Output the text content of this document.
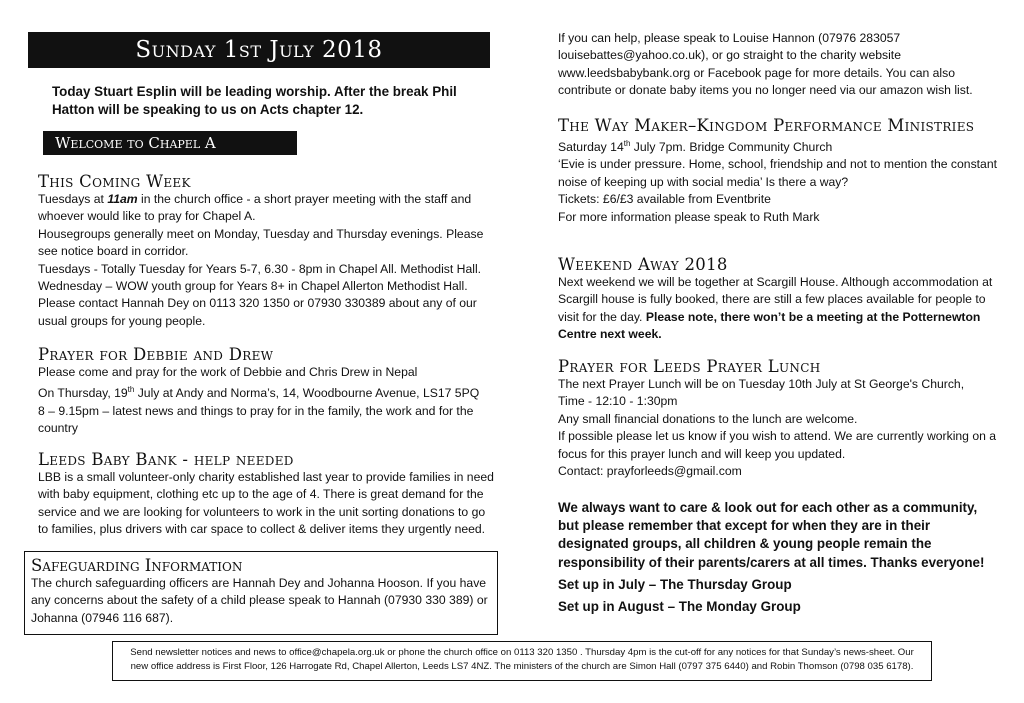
Sunday 1st July 2018
Today Stuart Esplin will be leading worship. After the break Phil Hatton will be speaking to us on Acts chapter 12.
Welcome to Chapel A
This Coming Week

Tuesdays at 11am in the church office - a short prayer meeting with the staff and whoever would like to pray for Chapel A.

Housegroups generally meet on Monday, Tuesday and Thursday evenings. Please see notice board in corridor.

Tuesdays - Totally Tuesday for Years 5-7, 6.30 - 8pm in Chapel All. Methodist Hall.

Wednesday – WOW youth group for Years 8+ in Chapel Allerton Methodist Hall.

Please contact Hannah Dey on 0113 320 1350 or 07930 330389 about any of our usual groups for young people.

Prayer for Debbie and Drew

Please come and pray for the work of Debbie and Chris Drew in Nepal

On Thursday, 19th July at Andy and Norma’s, 14, Woodbourne Avenue, LS17 5PQ

8 – 9.15pm – latest news and things to pray for in the family, the work and for the country

Leeds Baby Bank - help needed

LBB is a small volunteer-only charity established last year to provide families in need with baby equipment, clothing etc up to the age of 4. There is great demand for the service and we are looking for volunteers to work in the unit sorting donations to go to families, plus drivers with car space to collect & deliver items they urgently need.

Safeguarding Information

The church safeguarding officers are Hannah Dey and Johanna Hooson. If you have any concerns about the safety of a child please speak to Hannah (07930 330 389) or Johanna (07946 116 687).

If you can help, please speak to Louise Hannon (07976 283057 louisebattes@yahoo.co.uk), or go straight to the charity website www.leedsbabybank.org or Facebook page for more details. You can also contribute or donate baby items you no longer need via our amazon wish list.

The Way Maker–Kingdom Performance Ministries

Saturday 14th July 7pm. Bridge Community Church

‘Evie is under pressure. Home, school, friendship and not to mention the constant noise of keeping up with social media’ Is there a way?

Tickets: £6/£3 available from Eventbrite

For more information please speak to Ruth Mark

Weekend Away 2018

Next weekend we will be together at Scargill House. Although accommodation at Scargill house is fully booked, there are still a few places available for people to visit for the day. Please note, there won’t be a meeting at the Potternewton Centre next week.

Prayer for Leeds Prayer Lunch

The next Prayer Lunch will be on Tuesday 10th July at St George's Church,

Time - 12:10 - 1:30pm

Any small financial donations to the lunch are welcome.

If possible please let us know if you wish to attend. We are currently working on a focus for this prayer lunch and will keep you updated.

Contact: prayforleeds@gmail.com

We always want to care & look out for each other as a community, but please remember that except for when they are in their designated groups, all children & young people remain the responsibility of their parents/carers at all times. Thanks everyone!

Set up in July – The Thursday Group

Set up in August – The Monday Group

Send newsletter notices and news to office@chapela.org.uk or phone the church office on 0113 320 1350 . Thursday 4pm is the cut-off for any notices for that Sunday’s news-sheet. Our
new office address is First Floor, 126 Harrogate Rd, Chapel Allerton, Leeds LS7 4NZ. The ministers of the church are Simon Hall (0797 375 6440) and Robin Thomson (0798 035 6178).
